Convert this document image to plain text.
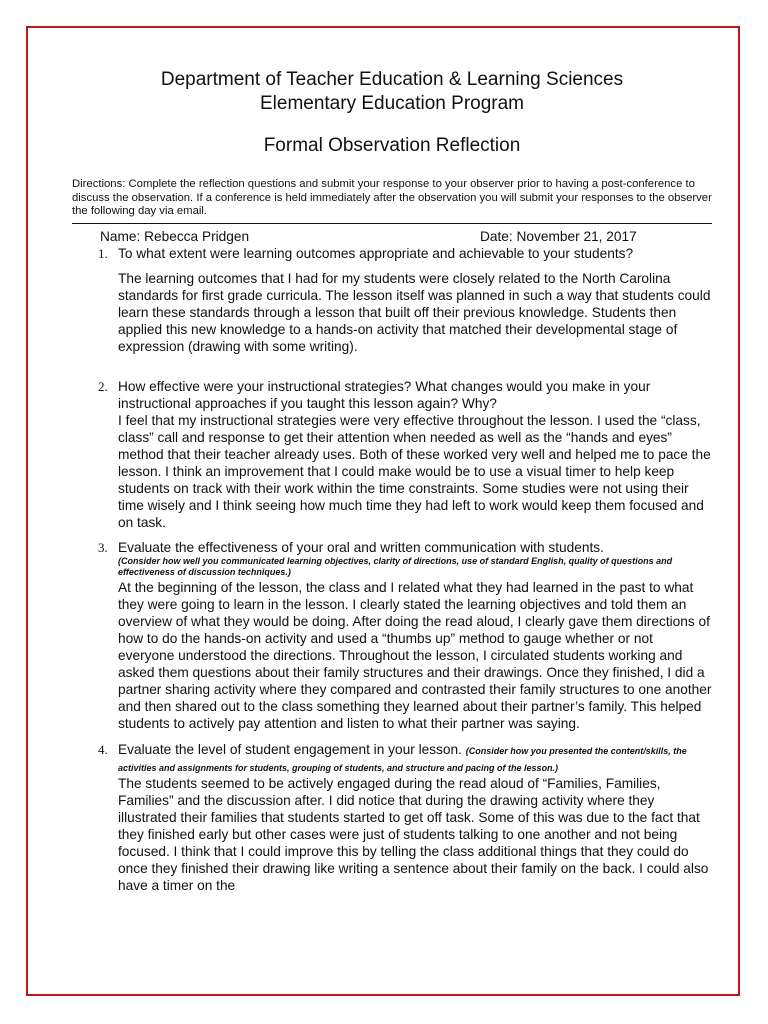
Department of Teacher Education & Learning Sciences
Elementary Education Program
Formal Observation Reflection
Directions: Complete the reflection questions and submit your response to your observer prior to having a post-conference to discuss the observation. If a conference is held immediately after the observation you will submit your responses to the observer the following day via email.
Name: Rebecca Pridgen	Date: November 21, 2017
1. To what extent were learning outcomes appropriate and achievable to your students?
The learning outcomes that I had for my students were closely related to the North Carolina standards for first grade curricula. The lesson itself was planned in such a way that students could learn these standards through a lesson that built off their previous knowledge. Students then applied this new knowledge to a hands-on activity that matched their developmental stage of expression (drawing with some writing).
2. How effective were your instructional strategies? What changes would you make in your instructional approaches if you taught this lesson again? Why?
I feel that my instructional strategies were very effective throughout the lesson. I used the “class, class” call and response to get their attention when needed as well as the “hands and eyes” method that their teacher already uses. Both of these worked very well and helped me to pace the lesson. I think an improvement that I could make would be to use a visual timer to help keep students on track with their work within the time constraints. Some studies were not using their time wisely and I think seeing how much time they had left to work would keep them focused and on task.
3. Evaluate the effectiveness of your oral and written communication with students.
(Consider how well you communicated learning objectives, clarity of directions, use of standard English, quality of questions and effectiveness of discussion techniques.)
At the beginning of the lesson, the class and I related what they had learned in the past to what they were going to learn in the lesson. I clearly stated the learning objectives and told them an overview of what they would be doing. After doing the read aloud, I clearly gave them directions of how to do the hands-on activity and used a “thumbs up” method to gauge whether or not everyone understood the directions. Throughout the lesson, I circulated students working and asked them questions about their family structures and their drawings. Once they finished, I did a partner sharing activity where they compared and contrasted their family structures to one another and then shared out to the class something they learned about their partner’s family. This helped students to actively pay attention and listen to what their partner was saying.
4. Evaluate the level of student engagement in your lesson. (Consider how you presented the content/skills, the activities and assignments for students, grouping of students, and structure and pacing of the lesson.)
The students seemed to be actively engaged during the read aloud of “Families, Families, Families” and the discussion after. I did notice that during the drawing activity where they illustrated their families that students started to get off task. Some of this was due to the fact that they finished early but other cases were just of students talking to one another and not being focused. I think that I could improve this by telling the class additional things that they could do once they finished their drawing like writing a sentence about their family on the back. I could also have a timer on the
